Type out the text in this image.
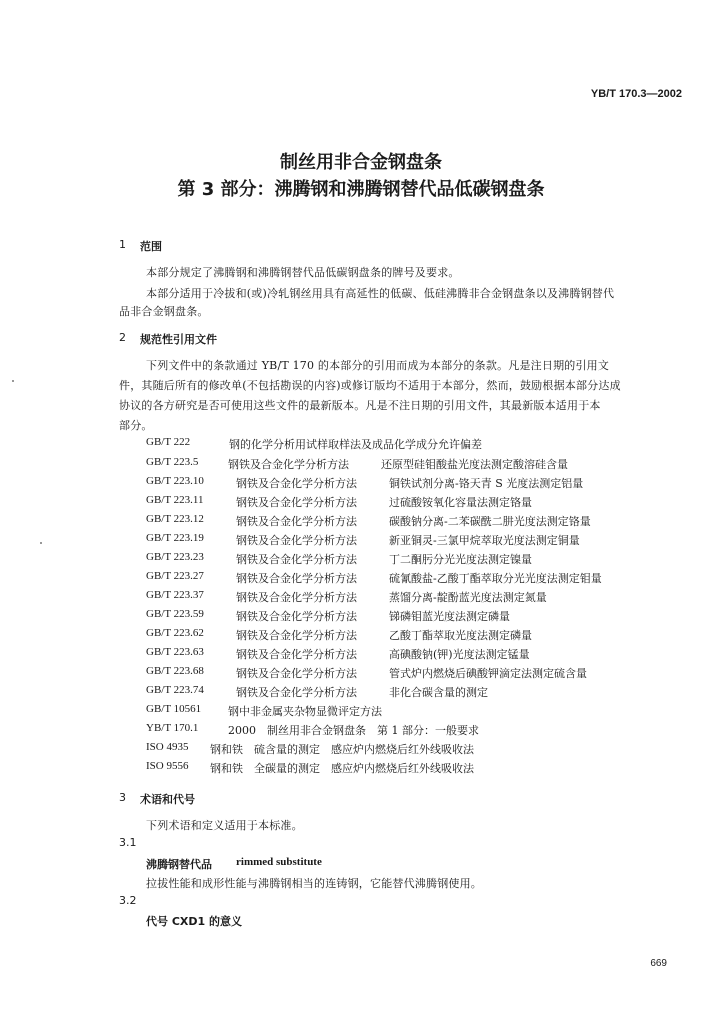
YB/T 170.3—2002
制丝用非合金钢盘条
第 3 部分：沸腾钢和沸腾钢替代品低碳钢盘条
1 范围
本部分规定了沸腾钢和沸腾钢替代品低碳钢盘条的牌号及要求。
本部分适用于冷拔和(或)冷轧钢丝用具有高延性的低碳、低硅沸腾非合金钢盘条以及沸腾钢替代
品非合金钢盘条。
2 规范性引用文件
下列文件中的条款通过 YB/T 170 的本部分的引用而成为本部分的条款。凡是注日期的引用文
件，其随后所有的修改单(不包括勘误的内容)或修订版均不适用于本部分，然而，鼓励根据本部分达成
协议的各方研究是否可使用这些文件的最新版本。凡是不注日期的引用文件，其最新版本适用于本
部分。
GB/T 222	钢的化学分析用试样取样法及成品化学成分允许偏差
GB/T 223.5	钢铁及合金化学分析方法	还原型硅钼酸盐光度法测定酸溶硅含量
GB/T 223.10	钢铁及合金化学分析方法	铜铁试剂分离-铬天青 S 光度法测定铝量
GB/T 223.11	钢铁及合金化学分析方法	过硫酸铵氧化容量法测定铬量
GB/T 223.12	钢铁及合金化学分析方法	碳酸钠分离-二苯碳酰二肼光度法测定铬量
GB/T 223.19	钢铁及合金化学分析方法	新亚铜灵-三氯甲烷萃取光度法测定铜量
GB/T 223.23	钢铁及合金化学分析方法	丁二酮肟分光光度法测定镍量
GB/T 223.27	钢铁及合金化学分析方法	硫氰酸盐-乙酸丁酯萃取分光光度法测定钼量
GB/T 223.37	钢铁及合金化学分析方法	蒸馏分离-靛酚蓝光度法测定氮量
GB/T 223.59	钢铁及合金化学分析方法	锑磷钼蓝光度法测定磷量
GB/T 223.62	钢铁及合金化学分析方法	乙酸丁酯萃取光度法测定磷量
GB/T 223.63	钢铁及合金化学分析方法	高碘酸钠(钾)光度法测定锰量
GB/T 223.68	钢铁及合金化学分析方法	管式炉内燃烧后碘酸钾滴定法测定硫含量
GB/T 223.74	钢铁及合金化学分析方法	非化合碳含量的测定
GB/T 10561 钢中非金属夹杂物显微评定方法
YB/T 170.1	2000　制丝用非合金钢盘条　第 1 部分：一般要求
ISO 4935 钢和铁　硫含量的测定　感应炉内燃烧后红外线吸收法
ISO 9556 钢和铁　全碳量的测定　感应炉内燃烧后红外线吸收法
3 术语和代号
下列术语和定义适用于本标准。
3.1
沸腾钢替代品 rimmed substitute
拉拔性能和成形性能与沸腾钢相当的连铸钢，它能替代沸腾钢使用。
3.2
代号 CXD1 的意义
669
